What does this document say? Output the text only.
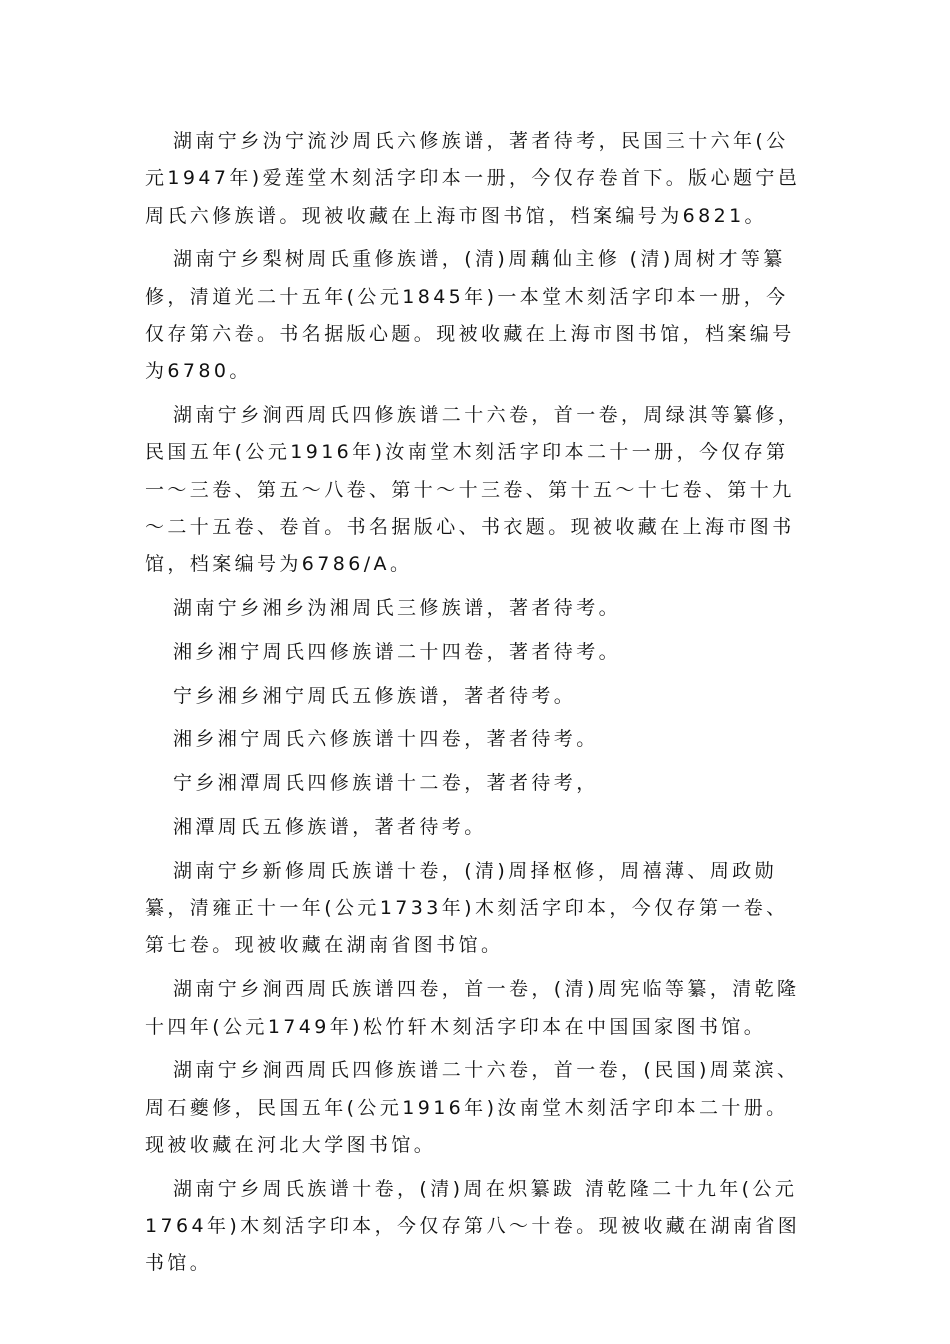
湖南宁乡沩宁流沙周氏六修族谱，著者待考，民国三十六年(公元1947年)爱莲堂木刻活字印本一册，今仅存卷首下。版心题宁邑周氏六修族谱。现被收藏在上海市图书馆，档案编号为6821。

湖南宁乡梨树周氏重修族谱，(清)周藕仙主修 (清)周树才等纂修，清道光二十五年(公元1845年)一本堂木刻活字印本一册，今仅存第六卷。书名据版心题。现被收藏在上海市图书馆，档案编号为6780。

湖南宁乡涧西周氏四修族谱二十六卷，首一卷，周绿淇等纂修，民国五年(公元1916年)汝南堂木刻活字印本二十一册，今仅存第一～三卷、第五～八卷、第十～十三卷、第十五～十七卷、第十九～二十五卷、卷首。书名据版心、书衣题。现被收藏在上海市图书馆，档案编号为6786/A。

湖南宁乡湘乡沩湘周氏三修族谱，著者待考。

湘乡湘宁周氏四修族谱二十四卷，著者待考。

宁乡湘乡湘宁周氏五修族谱，著者待考。

湘乡湘宁周氏六修族谱十四卷，著者待考。

宁乡湘潭周氏四修族谱十二卷，著者待考，

湘潭周氏五修族谱，著者待考。

湖南宁乡新修周氏族谱十卷，(清)周择枢修，周禧薄、周政勋纂，清雍正十一年(公元1733年)木刻活字印本，今仅存第一卷、第七卷。现被收藏在湖南省图书馆。

湖南宁乡涧西周氏族谱四卷，首一卷，(清)周宪临等纂，清乾隆十四年(公元1749年)松竹轩木刻活字印本在中国国家图书馆。

湖南宁乡涧西周氏四修族谱二十六卷，首一卷，(民国)周菜滨、周石夔修，民国五年(公元1916年)汝南堂木刻活字印本二十册。现被收藏在河北大学图书馆。

湖南宁乡周氏族谱十卷，(清)周在炽纂跋 清乾隆二十九年(公元1764年)木刻活字印本，今仅存第八～十卷。现被收藏在湖南省图书馆。
